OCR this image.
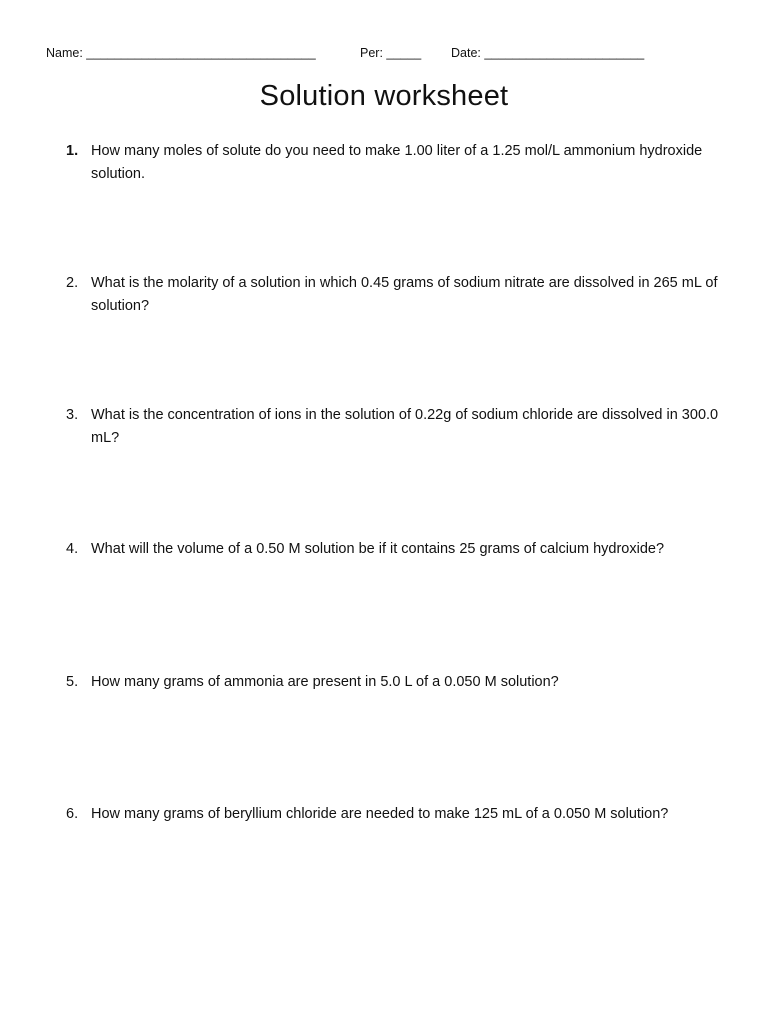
Name: _________________________________	Per: _____ Date: _______________________
Solution worksheet
1. How many moles of solute do you need to make 1.00 liter of a 1.25 mol/L ammonium hydroxide solution.
2. What is the molarity of a solution in which 0.45 grams of sodium nitrate are dissolved in 265 mL of solution?
3. What is the concentration of ions in the solution of 0.22g of sodium chloride are dissolved in 300.0 mL?
4. What will the volume of a 0.50 M solution be if it contains 25 grams of calcium hydroxide?
5. How many grams of ammonia are present in 5.0 L of a 0.050 M solution?
6. How many grams of beryllium chloride are needed to make 125 mL of a 0.050 M solution?
